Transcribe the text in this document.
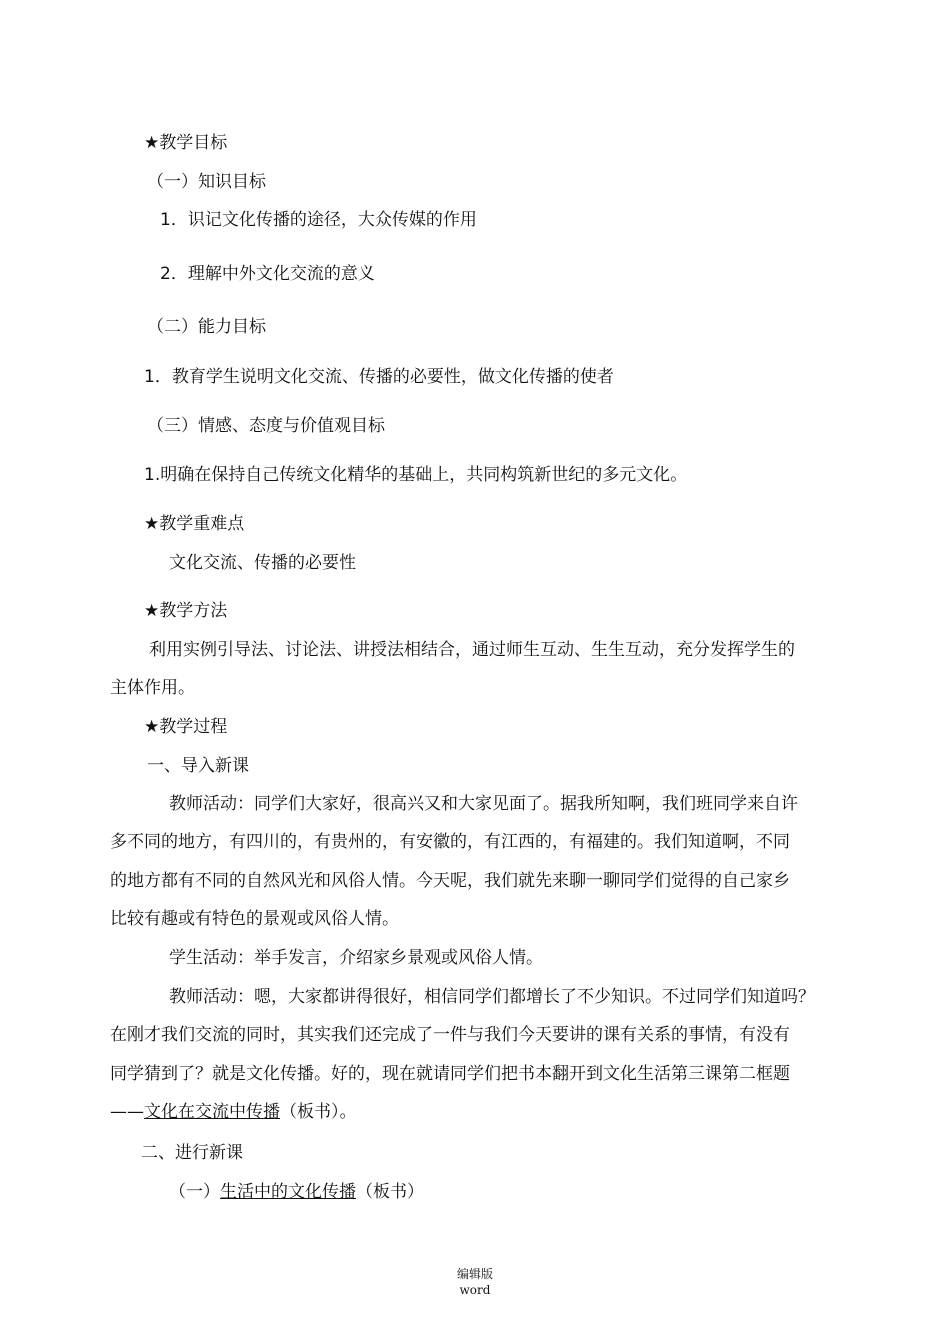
★教学目标
（一）知识目标
1．识记文化传播的途径，大众传媒的作用
2．理解中外文化交流的意义
（二）能力目标
1．教育学生说明文化交流、传播的必要性，做文化传播的使者
（三）情感、态度与价值观目标
1.明确在保持自己传统文化精华的基础上，共同构筑新世纪的多元文化。
★教学重难点
文化交流、传播的必要性
★教学方法
利用实例引导法、讨论法、讲授法相结合，通过师生互动、生生互动，充分发挥学生的
主体作用。
★教学过程
一、导入新课
教师活动：同学们大家好，很高兴又和大家见面了。据我所知啊，我们班同学来自许
多不同的地方，有四川的，有贵州的，有安徽的，有江西的，有福建的。我们知道啊，不同
的地方都有不同的自然风光和风俗人情。今天呢，我们就先来聊一聊同学们觉得的自己家乡
比较有趣或有特色的景观或风俗人情。
学生活动：举手发言，介绍家乡景观或风俗人情。
教师活动：嗯，大家都讲得很好，相信同学们都增长了不少知识。不过同学们知道吗？
在刚才我们交流的同时，其实我们还完成了一件与我们今天要讲的课有关系的事情，有没有
同学猜到了？就是文化传播。好的，现在就请同学们把书本翻开到文化生活第三课第二框题
——文化在交流中传播（板书）。
二、进行新课
（一）生活中的文化传播（板书）
编辑版
word
